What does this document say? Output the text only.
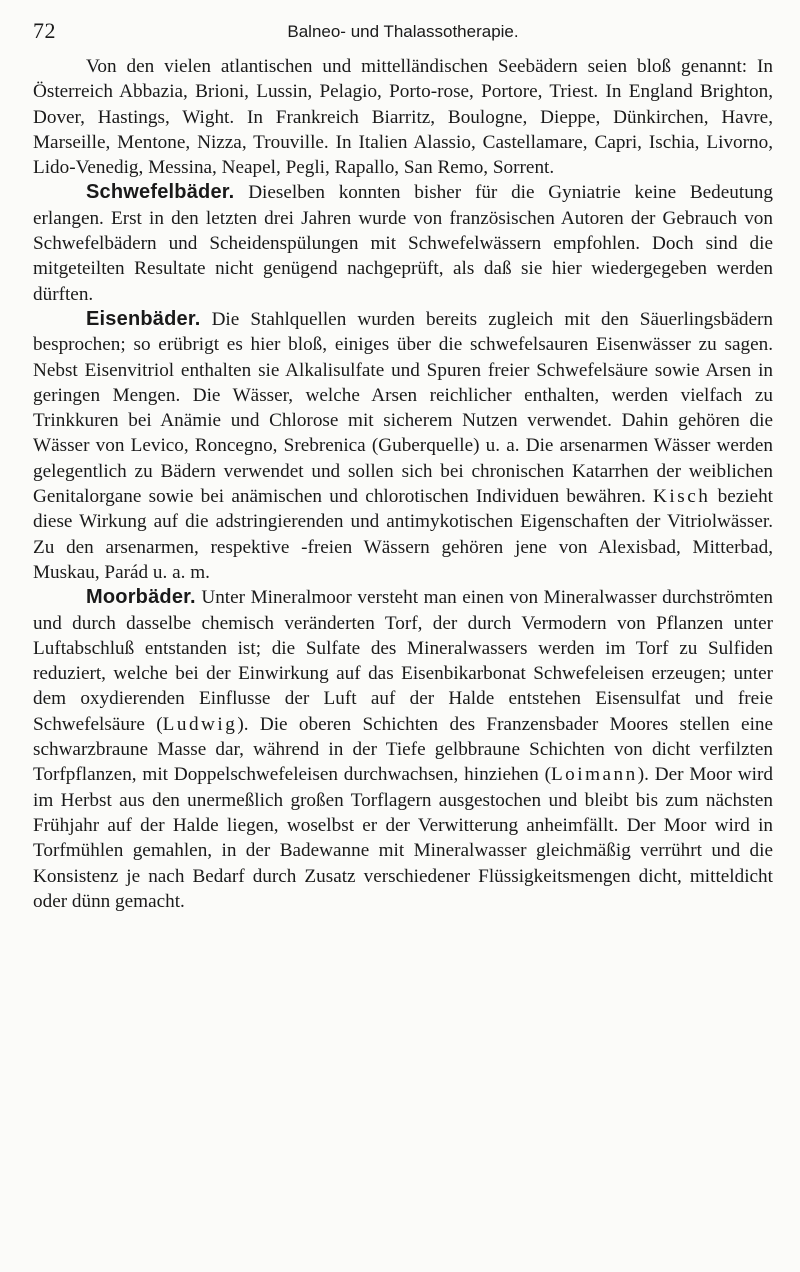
72	Balneo- und Thalassotherapie.

Von den vielen atlantischen und mittelländischen Seebädern seien bloß genannt: In Österreich Abbazia, Brioni, Lussin, Pelagio, Porto-rose, Portore, Triest. In England Brighton, Dover, Hastings, Wight. In Frankreich Biarritz, Boulogne, Dieppe, Dünkirchen, Havre, Marseille, Mentone, Nizza, Trouville. In Italien Alassio, Castellamare, Capri, Ischia, Livorno, Lido-Venedig, Messina, Neapel, Pegli, Rapallo, San Remo, Sorrent.

Schwefelbäder. Dieselben konnten bisher für die Gyniatrie keine Bedeutung erlangen. Erst in den letzten drei Jahren wurde von französischen Autoren der Gebrauch von Schwefelbädern und Scheidenspülungen mit Schwefelwässern empfohlen. Doch sind die mitgeteilten Resultate nicht genügend nachgeprüft, als daß sie hier wiedergegeben werden dürften.

Eisenbäder. Die Stahlquellen wurden bereits zugleich mit den Säuerlingsbädern besprochen; so erübrigt es hier bloß, einiges über die schwefelsauren Eisenwässer zu sagen. Nebst Eisenvitriol enthalten sie Alkalisulfate und Spuren freier Schwefelsäure sowie Arsen in geringen Mengen. Die Wässer, welche Arsen reichlicher enthalten, werden vielfach zu Trinkkuren bei Anämie und Chlorose mit sicherem Nutzen verwendet. Dahin gehören die Wässer von Levico, Roncegno, Srebrenica (Guberquelle) u. a. Die arsenarmen Wässer werden gelegentlich zu Bädern verwendet und sollen sich bei chronischen Katarrhen der weiblichen Genitalorgane sowie bei anämischen und chlorotischen Individuen bewähren. Kisch bezieht diese Wirkung auf die adstringierenden und antimykotischen Eigenschaften der Vitriolwässer. Zu den arsenarmen, respektive -freien Wässern gehören jene von Alexisbad, Mitterbad, Muskau, Parád u. a. m.

Moorbäder. Unter Mineralmoor versteht man einen von Mineralwasser durchströmten und durch dasselbe chemisch veränderten Torf, der durch Vermodern von Pflanzen unter Luftabschluß entstanden ist; die Sulfate des Mineralwassers werden im Torf zu Sulfiden reduziert, welche bei der Einwirkung auf das Eisenbikarbonat Schwefeleisen erzeugen; unter dem oxydierenden Einflusse der Luft auf der Halde entstehen Eisensulfat und freie Schwefelsäure (Ludwig). Die oberen Schichten des Franzensbader Moores stellen eine schwarzbraune Masse dar, während in der Tiefe gelbbraune Schichten von dicht verfilzten Torfpflanzen, mit Doppelschwefeleisen durchwachsen, hinziehen (Loimann). Der Moor wird im Herbst aus den unermeßlich großen Torflagern ausgestochen und bleibt bis zum nächsten Frühjahr auf der Halde liegen, woselbst er der Verwitterung anheimfällt. Der Moor wird in Torfmühlen gemahlen, in der Badewanne mit Mineralwasser gleichmäßig verrührt und die Konsistenz je nach Bedarf durch Zusatz verschiedener Flüssigkeitsmengen dicht, mitteldicht oder dünn gemacht.
